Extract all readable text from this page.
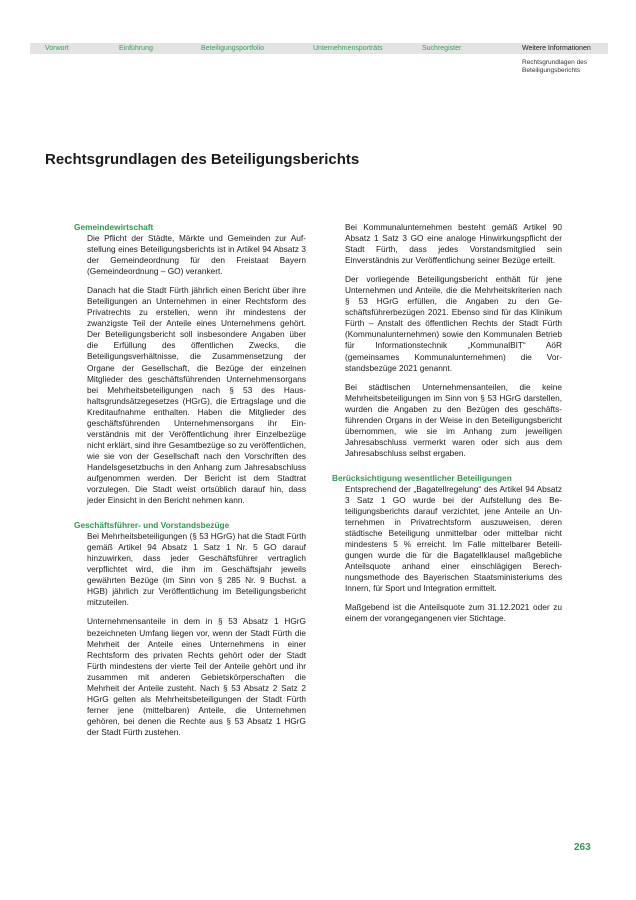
Vorwort	Einführung	Beteiligungsportfolio	Unternehmensporträts	Suchregister	Weitere Informationen
Rechtsgrundlagen des Beteiligungsberichts
Rechtsgrundlagen des Beteiligungsberichts

Gemeindewirtschaft

Die Pflicht der Städte, Märkte und Gemeinden zur Aufstellung eines Beteiligungsberichts ist in Artikel 94 Absatz 3 der Gemeindeordnung für den Freistaat Bayern (Gemeindeordnung – GO) verankert.

Danach hat die Stadt Fürth jährlich einen Bericht über ihre Beteiligungen an Unternehmen in einer Rechtsform des Privatrechts zu erstellen, wenn ihr mindestens der zwanzigste Teil der Anteile eines Unternehmens gehört. Der Beteiligungsbericht soll insbesondere Angaben über die Erfüllung des öffentlichen Zwecks, die Beteiligungsverhältnisse, die Zusammensetzung der Organe der Gesellschaft, die Bezüge der einzelnen Mitglieder des geschäftsführenden Unternehmensorgans bei Mehrheitsbeteiligungen nach § 53 des Haushaltsgrundsätzegesetzes (HGrG), die Ertragslage und die Kreditaufnahme enthalten. Haben die Mitglieder des geschäftsführenden Unternehmensorgans ihr Einverständnis mit der Veröffentlichung ihrer Einzelbezüge nicht erklärt, sind ihre Gesamtbezüge so zu veröffentlichen, wie sie von der Gesellschaft nach den Vorschriften des Handelsgesetzbuchs in den Anhang zum Jahresabschluss aufgenommen werden. Der Bericht ist dem Stadtrat vorzulegen. Die Stadt weist ortsüblich darauf hin, dass jeder Einsicht in den Bericht nehmen kann.

Geschäftsführer- und Vorstandsbezüge

Bei Mehrheitsbeteiligungen (§ 53 HGrG) hat die Stadt Fürth gemäß Artikel 94 Absatz 1 Satz 1 Nr. 5 GO darauf hinzuwirken, dass jeder Geschäftsführer vertraglich verpflichtet wird, die ihm im Geschäftsjahr jeweils gewährten Bezüge (im Sinn von § 285 Nr. 9 Buchst. a HGB) jährlich zur Veröffentlichung im Beteiligungsbericht mitzuteilen.

Unternehmensanteile in dem in § 53 Absatz 1 HGrG bezeichneten Umfang liegen vor, wenn der Stadt Fürth die Mehrheit der Anteile eines Unternehmens in einer Rechtsform des privaten Rechts gehört oder der Stadt Fürth mindestens der vierte Teil der Anteile gehört und ihr zusammen mit anderen Gebietskörperschaften die Mehrheit der Anteile zusteht. Nach § 53 Absatz 2 Satz 2 HGrG gelten als Mehrheitsbeteiligungen der Stadt Fürth ferner jene (mittelbaren) Anteile, die Unternehmen gehören, bei denen die Rechte aus § 53 Absatz 1 HGrG der Stadt Fürth zustehen.

Bei Kommunalunternehmen besteht gemäß Artikel 90 Absatz 1 Satz 3 GO eine analoge Hinwirkungspflicht der Stadt Fürth, dass jedes Vorstandsmitglied sein Einverständnis zur Veröffentlichung seiner Bezüge erteilt.

Der vorliegende Beteiligungsbericht enthält für jene Unternehmen und Anteile, die die Mehrheitskriterien nach § 53 HGrG erfüllen, die Angaben zu den Geschäftsführerbezügen 2021. Ebenso sind für das Klinikum Fürth – Anstalt des öffentlichen Rechts der Stadt Fürth (Kommunalunternehmen) sowie den Kommunalen Betrieb für Informationstechnik „KommunalBIT“ AöR (gemeinsames Kommunalunternehmen) die Vorstandsbezüge 2021 genannt.

Bei städtischen Unternehmensanteilen, die keine Mehrheitsbeteiligungen im Sinn von § 53 HGrG darstellen, wurden die Angaben zu den Bezügen des geschäftsführenden Organs in der Weise in den Beteiligungsbericht übernommen, wie sie im Anhang zum jeweiligen Jahresabschluss vermerkt waren oder sich aus dem Jahresabschluss selbst ergaben.

Berücksichtigung wesentlicher Beteiligungen

Entsprechend der „Bagatellregelung“ des Artikel 94 Absatz 3 Satz 1 GO wurde bei der Aufstellung des Beteiligungsberichts darauf verzichtet, jene Anteile an Unternehmen in Privatrechtsform auszuweisen, deren städtische Beteiligung unmittelbar oder mittelbar nicht mindestens 5 % erreicht. Im Falle mittelbarer Beteiligungen wurde die für die Bagatellklausel maßgebliche Anteilsquote anhand einer einschlägigen Berechnungsmethode des Bayerischen Staatsministeriums des Innern, für Sport und Integration ermittelt.

Maßgebend ist die Anteilsquote zum 31.12.2021 oder zu einem der vorangegangenen vier Stichtage.

263
